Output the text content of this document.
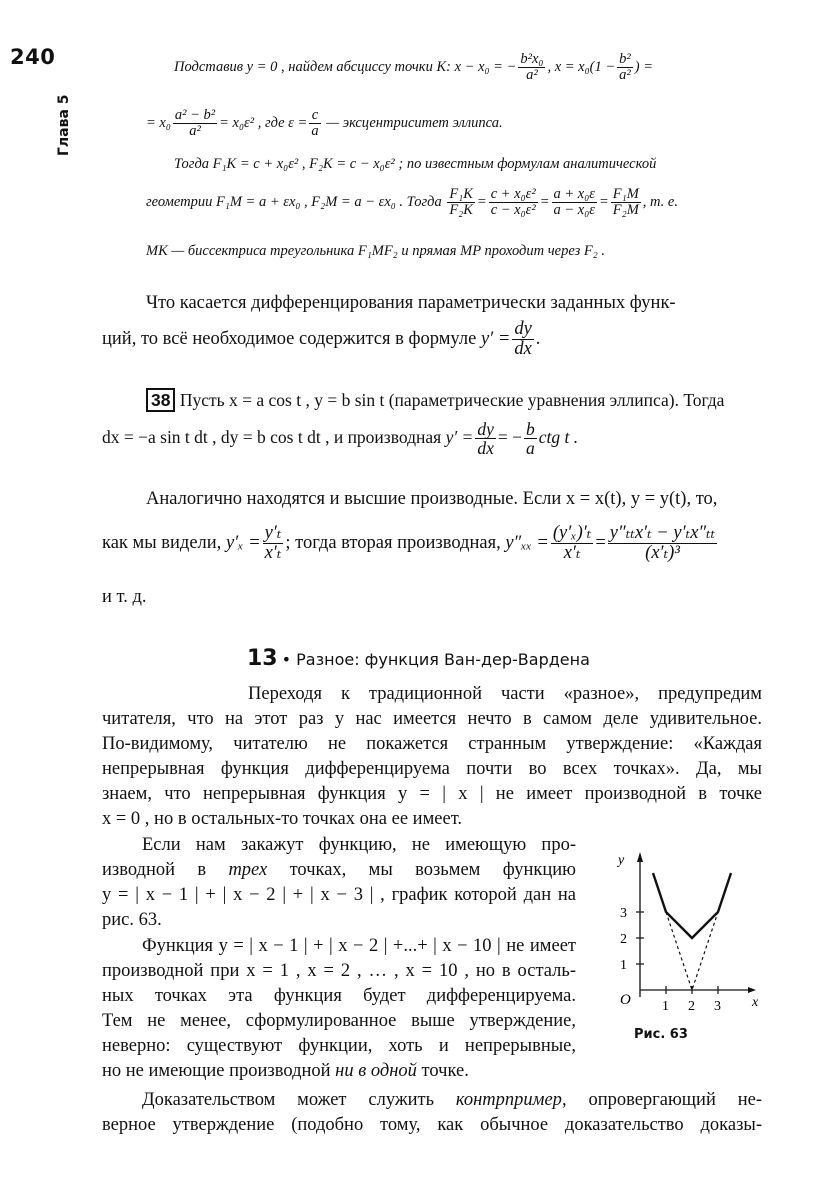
240
Глава 5
Подставив y = 0 , найдем абсциссу точки K: x − x₀ = − $\frac{\text{b²x₀}}{\text{a²}}$ , $x = x_0(1 - \frac{\text{b²}}{\text{a²}}$ ) =
= $x_0 \frac{\text{a² − b²}}{\text{a²}} = x_0\varepsilon^2$ , где $\varepsilon = \frac{c}{a}$ — эксцентриситет эллипса.
Тогда F₁K = c + x₀ε² , F₂K = c − x₀ε² ; по известным формулам аналитической
геометрии F₁M = a + εx₀ , F₂M = a − εx₀ . Тогда $\frac{\text{F₁K}}{\text{F₂K}} = \frac{\text{c + x₀ε²}}{\text{c − x₀ε²}} = \frac{\text{a + x₀ε}}{\text{a − x₀ε}} = \frac{\text{F₁M}}{\text{F₂M}}$ , т. е.
MK — биссектриса треугольника F₁MF₂ и прямая MP проходит через F₂ .
Что касается дифференцирования параметрически заданных функ-
ций, то всё необходимое содержится в формуле $y' = \frac{dy}{dx}$ .
38 Пусть x = a cos t , y = b sin t (параметрические уравнения эллипса). Тогда
dx = −a sin t dt , dy = b cos t dt , и производная $y' = \frac{dy}{dx}$ = − $\frac{b}{a}$ ctg t .
Аналогично находятся и высшие производные. Если x = x(t), y = y(t), то,
как мы видели, $y'_x = \frac{\text{y′ₜ}}{\text{x′ₜ}}$ ; тогда вторая производная, $y''_{xx} = \frac{\text{(y′ₓ)′ₜ}}{\text{x′ₜ}} = \frac{\text{y″ₜₜx′ₜ − y′ₜx″ₜₜ}}{\text{(x′ₜ)³}}$
и т. д.
13 • Разное: функция Ван-дер-Вардена

Переходя к традиционной части «разное», предупредим

читателя, что на этот раз у нас имеется нечто в самом деле удивительное.

По-видимому, читателю не покажется странным утверждение: «Каждая

непрерывная функция дифференцируема почти во всех точках». Да, мы

знаем, что непрерывная функция y = | x | не имеет производной в точке

x = 0 , но в остальных-то точках она ее имеет.

Если нам закажут функцию, не имеющую про-

изводной в трех точках, мы возьмем функцию

y = | x − 1 | + | x − 2 | + | x − 3 | , график которой дан на

рис. 63.

Функция y = | x − 1 | + | x − 2 | +...+ | x − 10 | не имеет

производной при x = 1 , x = 2 , … , x = 10 , но в осталь-

ных точках эта функция будет дифференцируема.

Тем не менее, сформулированное выше утверждение,

неверно: существуют функции, хоть и непрерывные,

но не имеющие производной ни в одной точке.

Доказательством может служить контрпример, опровергающий не-

верное утверждение (подобно тому, как обычное доказательство доказы-

y
x
O 1 2 3
1
2
3
Рис. 63
